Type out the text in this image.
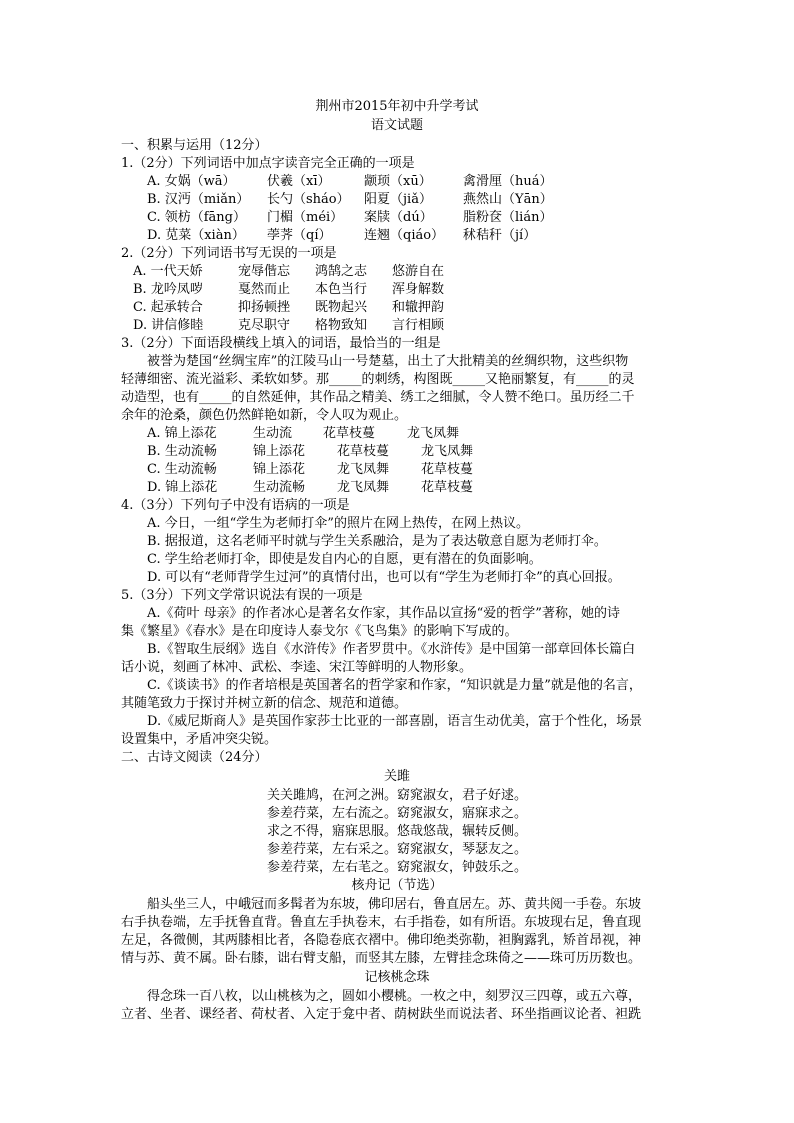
荆州市2015年初中升学考试
语文试题
一、积累与运用（12分）
1.（2分）下列词语中加点字读音完全正确的一项是
A. 女娲（wā） 伏羲（xī）	颛顼（xū） 禽滑厘（huá）
B. 汉沔（miǎn） 长勺（sháo） 阳夏（jiǎ） 燕然山（Yān）
C. 领枋（fāng） 门楣（méi） 案牍（dú） 脂粉奁（lián）
D. 苋菜（xiàn） 荸荠（qí）	连翘（qiáo） 秫秸秆（jí）
2.（2分）下列词语书写无误的一项是
A. 一代天娇	宠辱偕忘 鸿鹄之志 悠游自在
B. 龙吟凤哕	戛然而止 本色当行 浑身解数
C. 起承转合	抑扬顿挫 既物起兴 和辙押韵
D. 讲信修睦	克尽职守 格物致知 言行相顾
3.（2分）下面语段横线上填入的词语，最恰当的一组是
被誉为楚国“丝绸宝库”的江陵马山一号楚墓，出土了大批精美的丝绸织物，这些织物
轻薄细密、流光溢彩、柔软如梦。那_____的刺绣，构图既_____又艳丽繁复，有_____的灵
动造型，也有_____的自然延伸，其作品之精美、绣工之细腻，令人赞不绝口。虽历经二千
余年的沧桑，颜色仍然鲜艳如新，令人叹为观止。
A. 锦上添花	生动流 花草枝蔓 龙飞凤舞
B. 生动流畅	锦上添花 花草枝蔓 龙飞凤舞
C. 生动流畅	锦上添花 龙飞凤舞 花草枝蔓
D. 锦上添花	生动流畅 龙飞凤舞 花草枝蔓
4.（3分）下列句子中没有语病的一项是
A. 今日，一组“学生为老师打伞”的照片在网上热传，在网上热议。
B. 据报道，这名老师平时就与学生关系融洽，是为了表达敬意自愿为老师打伞。
C. 学生给老师打伞，即使是发自内心的自愿，更有潜在的负面影响。
D. 可以有“老师背学生过河”的真情付出，也可以有“学生为老师打伞”的真心回报。
5.（3分）下列文学常识说法有误的一项是
A.《荷叶 母亲》的作者冰心是著名女作家，其作品以宣扬“爱的哲学”著称，她的诗
集《繁星》《春水》是在印度诗人泰戈尔《飞鸟集》的影响下写成的。
B.《智取生辰纲》选自《水浒传》作者罗贯中。《水浒传》是中国第一部章回体长篇白
话小说，刻画了林冲、武松、李逵、宋江等鲜明的人物形象。
C.《谈读书》的作者培根是英国著名的哲学家和作家，“知识就是力量”就是他的名言，
其随笔致力于探讨并树立新的信念、规范和道德。
D.《威尼斯商人》是英国作家莎士比亚的一部喜剧，语言生动优美，富于个性化，场景
设置集中，矛盾冲突尖锐。
二、古诗文阅读（24分）
关雎
关关雎鸠，在河之洲。窈窕淑女，君子好逑。
参差荇菜，左右流之。窈窕淑女，寤寐求之。
求之不得，寤寐思服。悠哉悠哉，辗转反侧。
参差荇菜，左右采之。窈窕淑女，琴瑟友之。
参差荇菜，左右芼之。窈窕淑女，钟鼓乐之。
核舟记（节选）
船头坐三人，中峨冠而多髯者为东坡，佛印居右，鲁直居左。苏、黄共阅一手卷。东坡
右手执卷端，左手抚鲁直背。鲁直左手执卷末，右手指卷，如有所语。东坡现右足，鲁直现
左足，各微侧，其两膝相比者，各隐卷底衣褶中。佛印绝类弥勒，袒胸露乳，矫首昂视，神
情与苏、黄不属。卧右膝，诎右臂支船，而竖其左膝，左臂挂念珠倚之——珠可历历数也。
记核桃念珠
得念珠一百八枚，以山桃核为之，圆如小樱桃。一枚之中，刻罗汉三四尊，或五六尊，
立者、坐者、课经者、荷杖者、入定于龛中者、荫树趺坐而说法者、环坐指画议论者、袒跣
